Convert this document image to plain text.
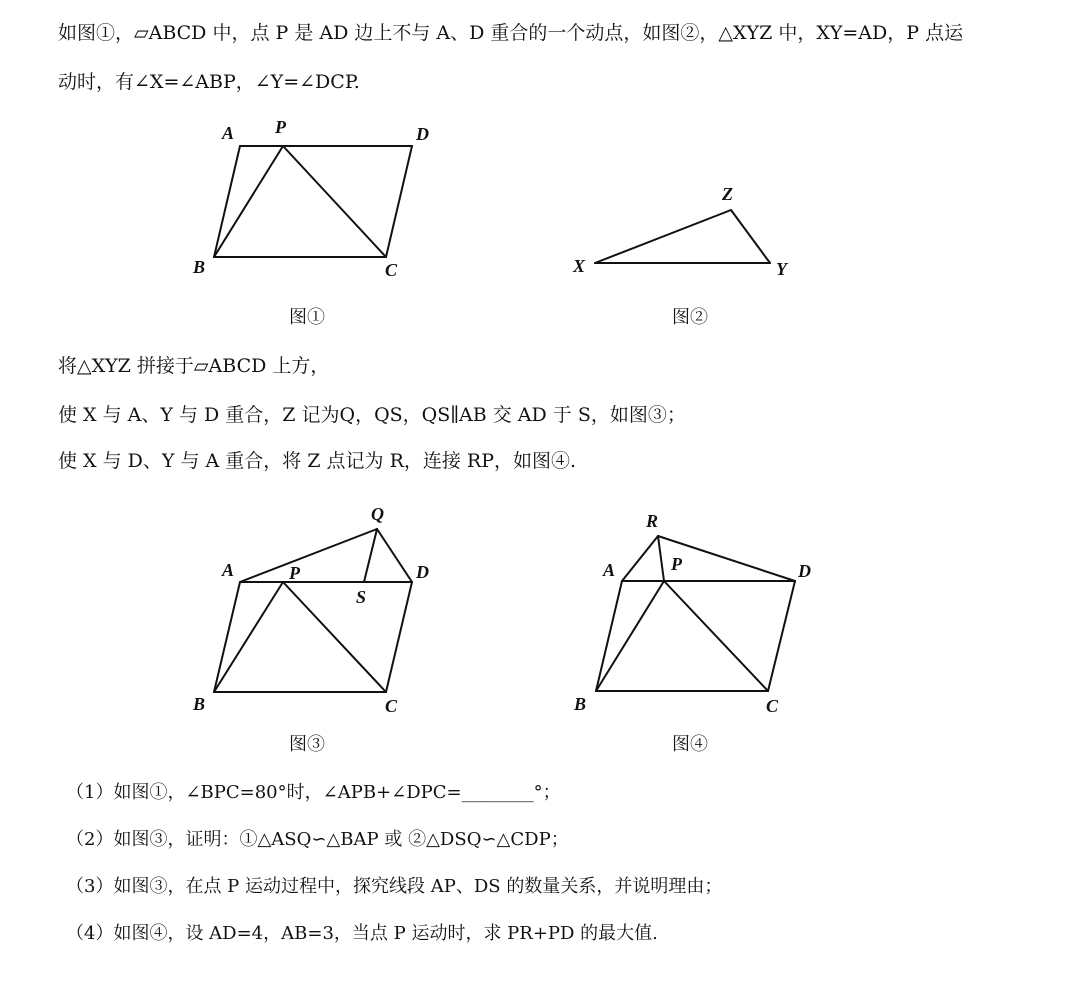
如图①，▱ABCD 中，点 P 是 AD 边上不与 A、D 重合的一个动点，如图②，△XYZ 中，XY=AD，P 点运
动时，有∠X=∠ABP，∠Y=∠DCP.
A P	D
B	C
Z
X	Y
Q
A	P
S
D
B	C
R
A	P	D
B	C
图①	图②
图③	图④
将△XYZ 拼接于▱ABCD 上方，
使 X 与 A、Y 与 D 重合，Z 记为Q，QS，QS∥AB 交 AD 于 S，如图③；
使 X 与 D、Y 与 A 重合，将 Z 点记为 R，连接 RP，如图④.
（1）如图①，∠BPC=80°时，∠APB+∠DPC=________°；
（2）如图③，证明：①△ASQ∽△BAP 或 ②△DSQ∽△CDP；
（3）如图③，在点 P 运动过程中，探究线段 AP、DS 的数量关系，并说明理由；
（4）如图④，设 AD=4，AB=3，当点 P 运动时，求 PR+PD 的最大值.
